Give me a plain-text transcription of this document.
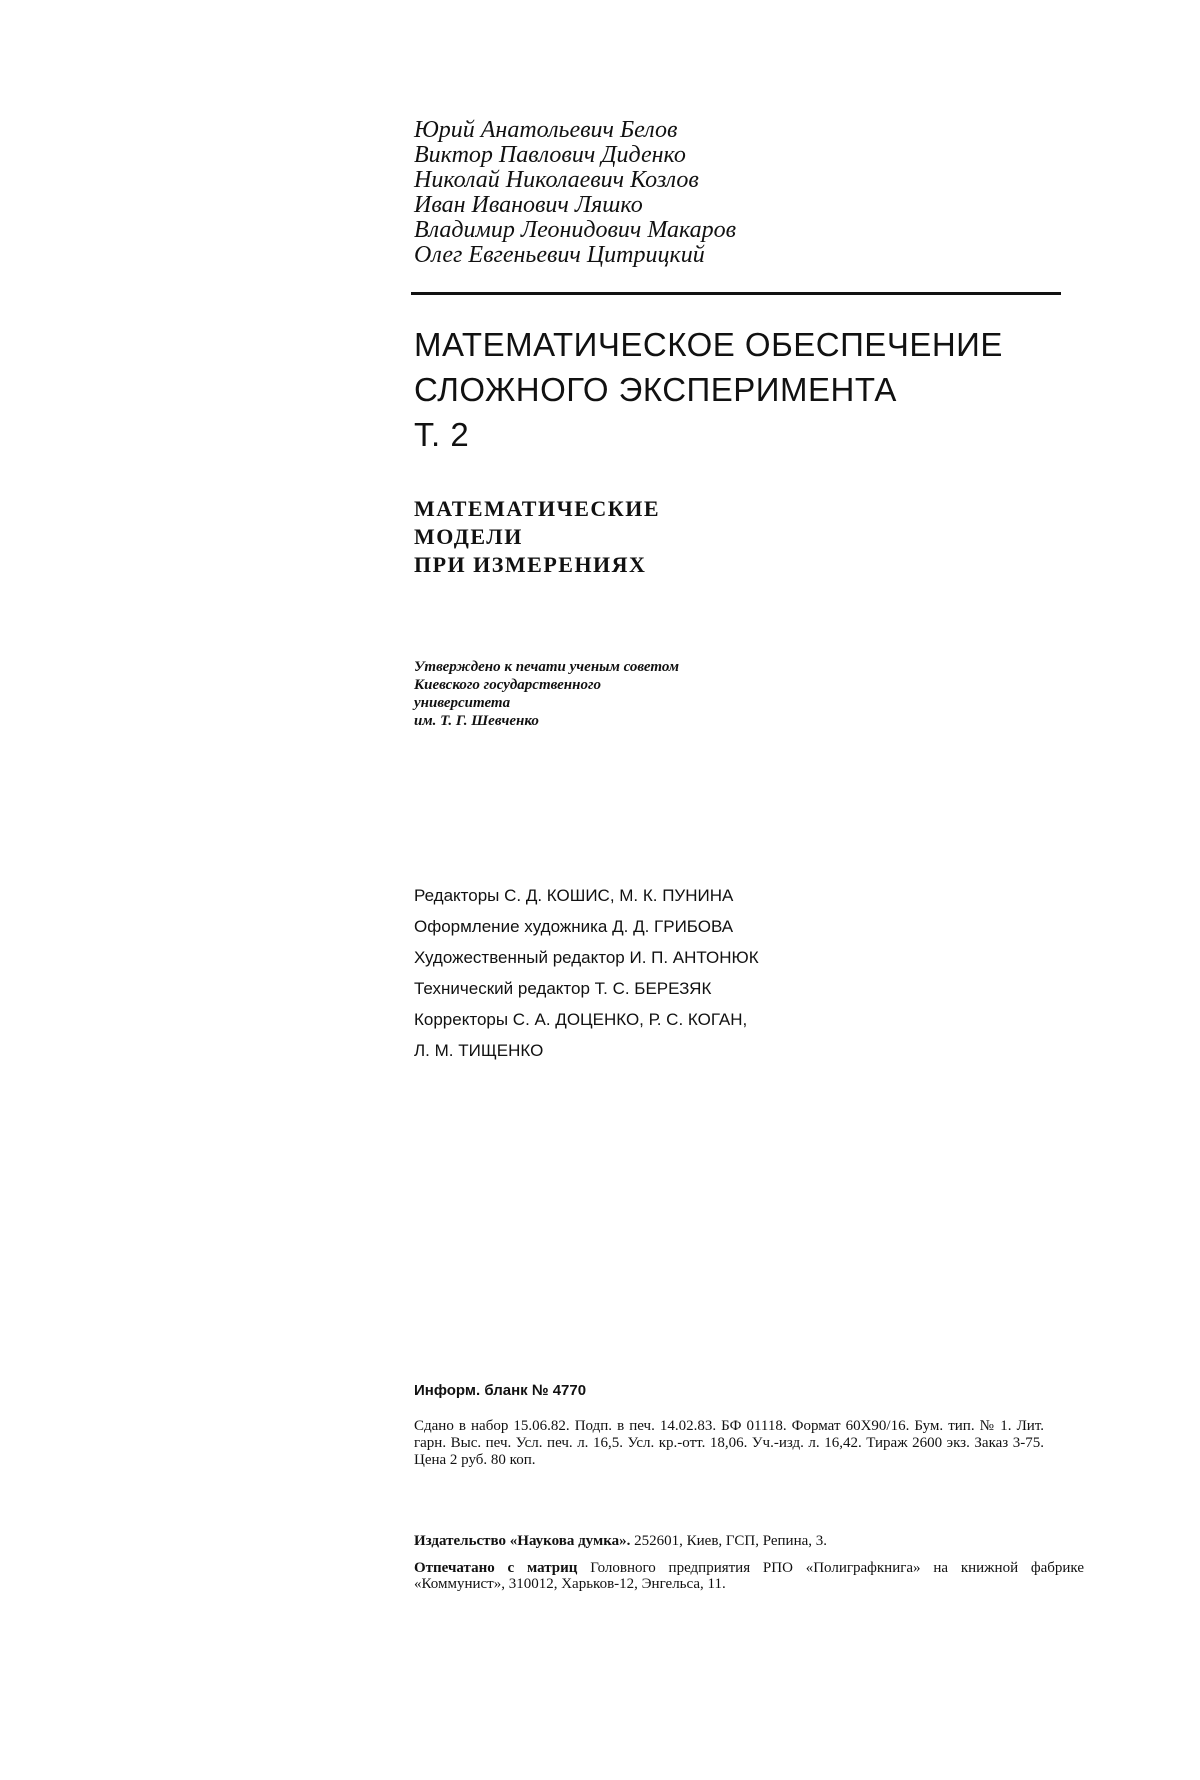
Юрий Анатольевич Белов
Виктор Павлович Диденко
Николай Николаевич Козлов
Иван Иванович Ляшко
Владимир Леонидович Макаров
Олег Евгеньевич Цитрицкий
МАТЕМАТИЧЕСКОЕ ОБЕСПЕЧЕНИЕ
СЛОЖНОГО ЭКСПЕРИМЕНТА
Т. 2
МАТЕМАТИЧЕСКИЕ
МОДЕЛИ
ПРИ ИЗМЕРЕНИЯХ
Утверждено к печати ученым советом
Киевского государственного
университета
им. Т. Г. Шевченко
Редакторы С. Д. КОШИС, М. К. ПУНИНА
Оформление художника Д. Д. ГРИБОВА
Художественный редактор И. П. АНТОНЮК
Технический редактор Т. С. БЕРЕЗЯК
Корректоры С. А. ДОЦЕНКО, Р. С. КОГАН,
Л. М. ТИЩЕНКО
Информ. бланк № 4770
Сдано в набор 15.06.82. Подп. в печ. 14.02.83. БФ 01118. Формат 60X90/16. Бум. тип. № 1. Лит. гарн. Выс. печ. Усл. печ. л. 16,5. Усл. кр.-отт. 18,06. Уч.-изд. л. 16,42. Тираж 2600 экз. Заказ 3-75. Цена 2 руб. 80 коп.
Издательство «Наукова думка». 252601, Киев, ГСП, Репина, 3.
Отпечатано с матриц Головного предприятия РПО «Полиграфкнига» на книжной фабрике «Коммунист», 310012, Харьков-12, Энгельса, 11.
